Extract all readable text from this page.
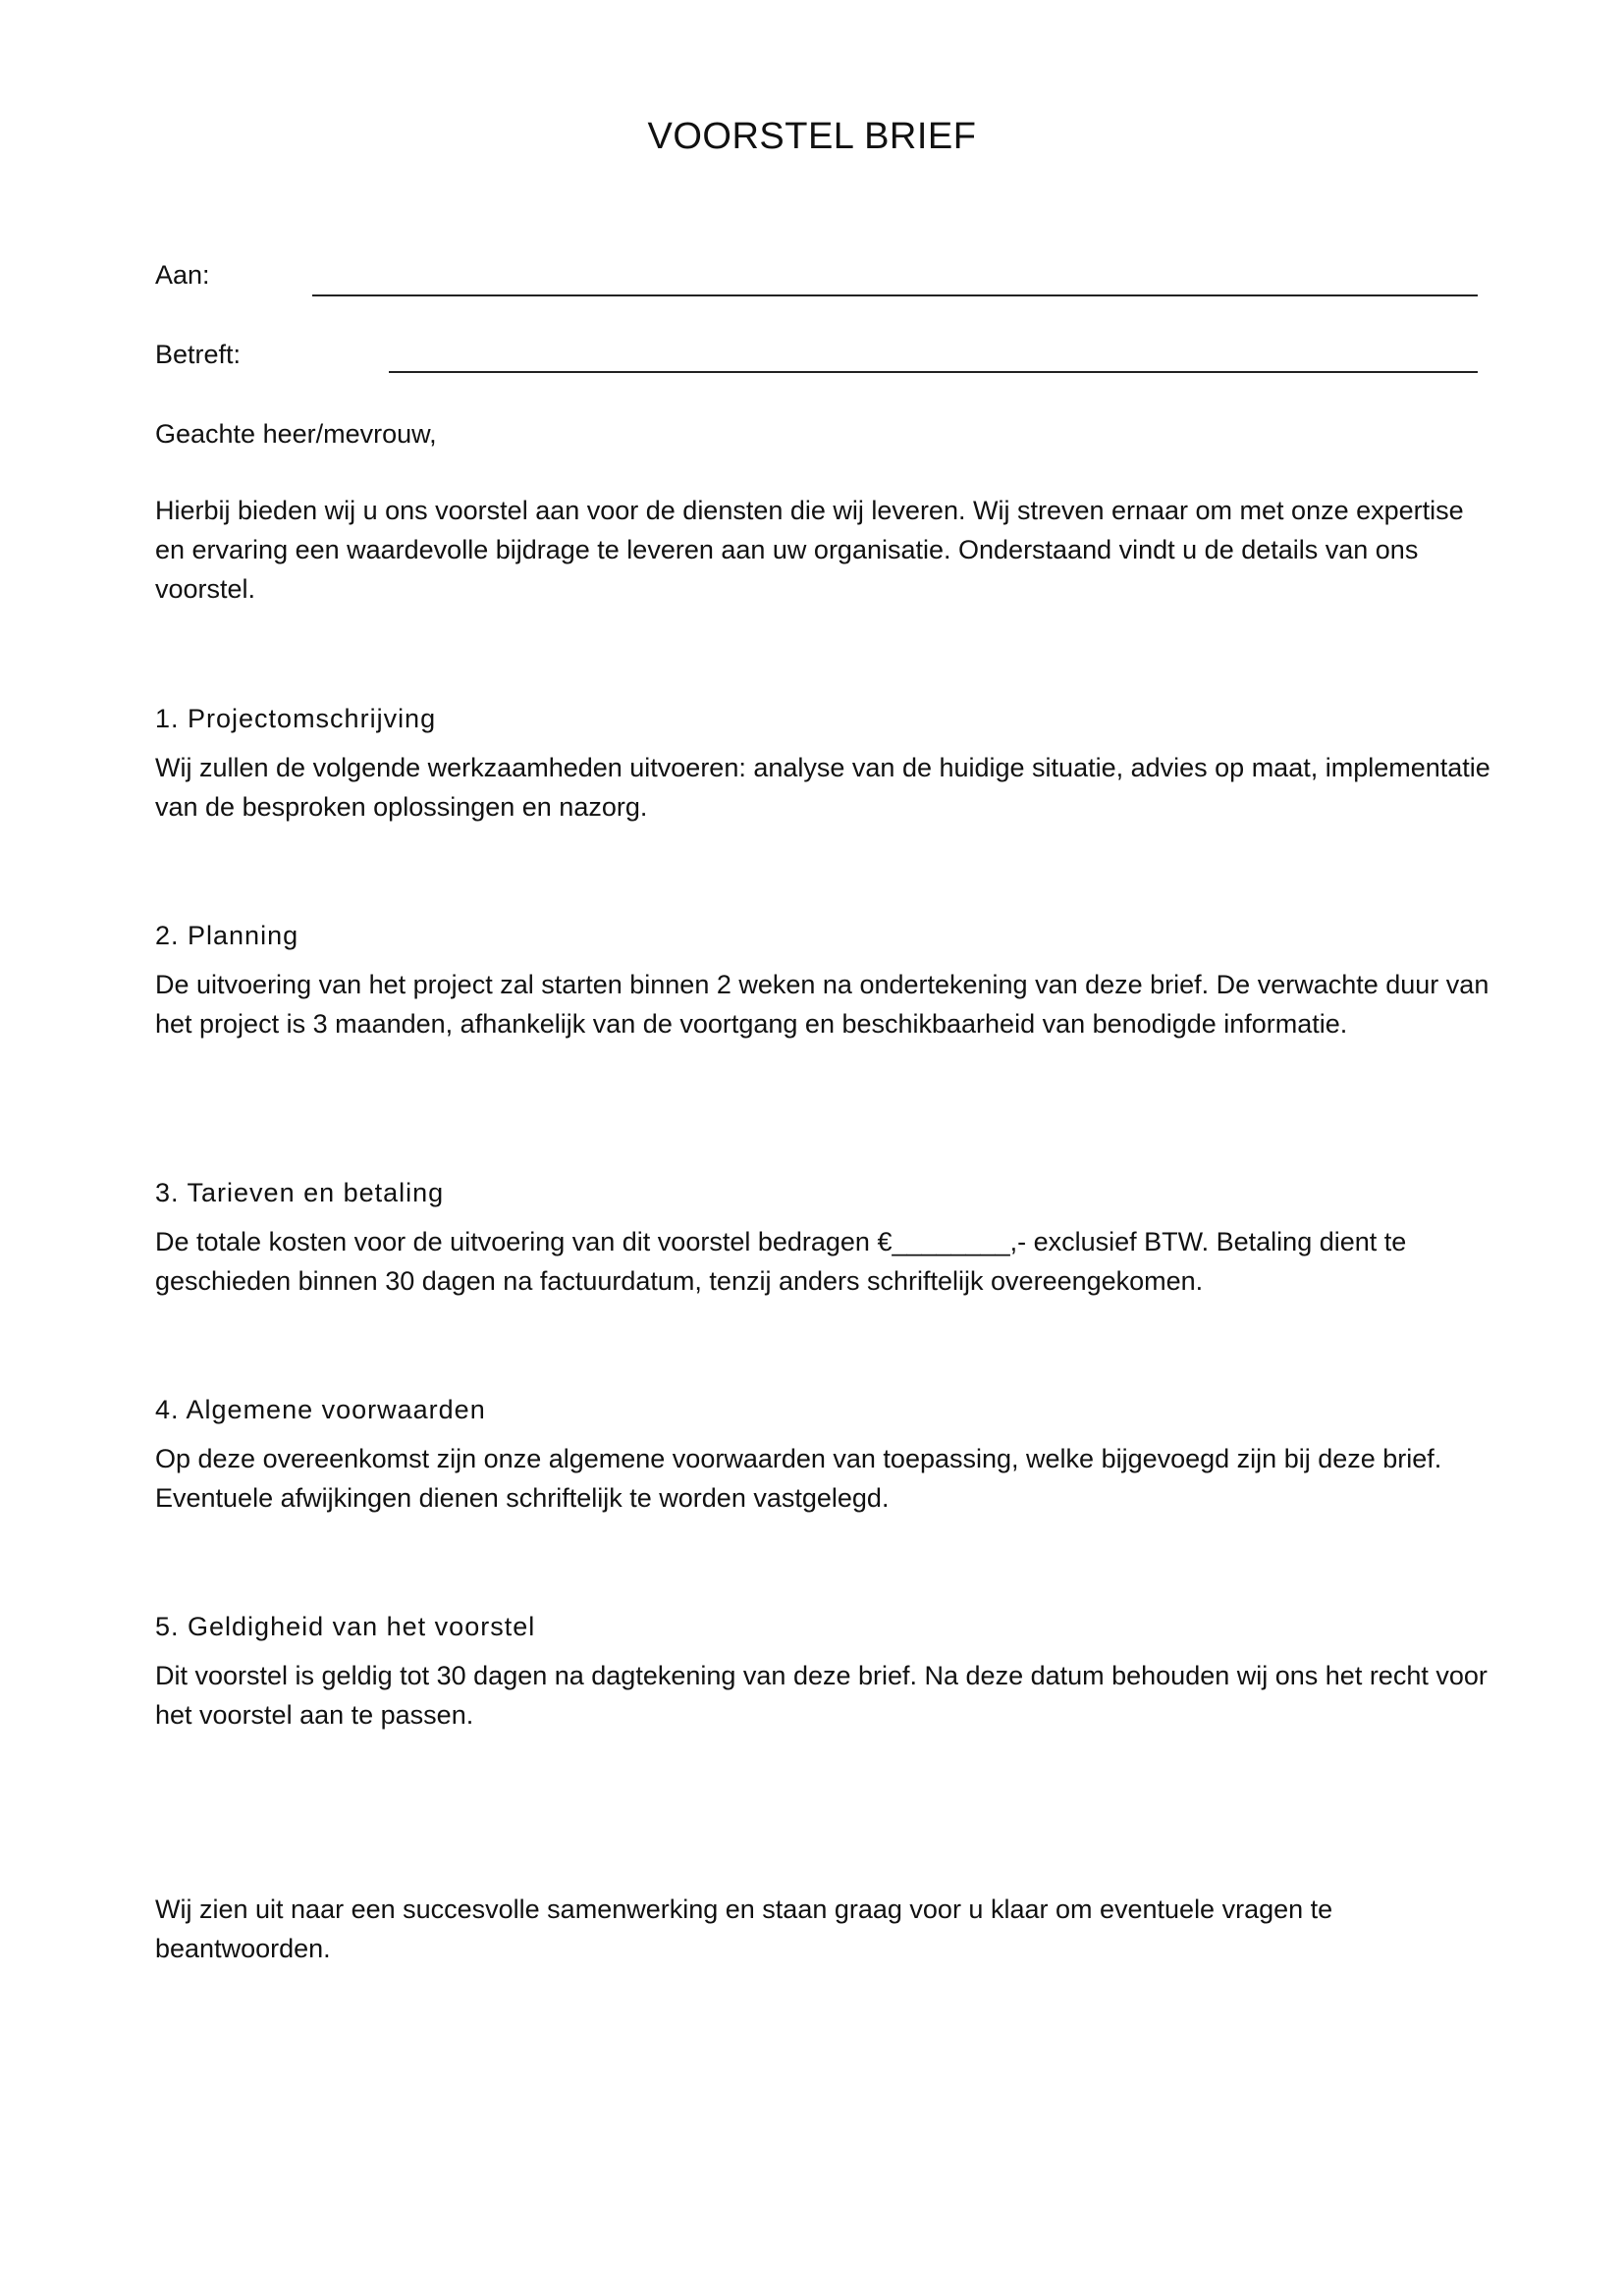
VOORSTEL BRIEF
Aan:
Betreft:

Geachte heer/mevrouw,

Hierbij bieden wij u ons voorstel aan voor de diensten die wij leveren. Wij streven ernaar om met onze expertise en ervaring een waardevolle bijdrage te leveren aan uw organisatie. Onderstaand vindt u de details van ons voorstel.

1. Projectomschrijving

Wij zullen de volgende werkzaamheden uitvoeren: analyse van de huidige situatie, advies op maat, implementatie van de besproken oplossingen en nazorg.

2. Planning

De uitvoering van het project zal starten binnen 2 weken na ondertekening van deze brief. De verwachte duur van het project is 3 maanden, afhankelijk van de voortgang en beschikbaarheid van benodigde informatie.

3. Tarieven en betaling

De totale kosten voor de uitvoering van dit voorstel bedragen €________,- exclusief BTW. Betaling dient te geschieden binnen 30 dagen na factuurdatum, tenzij anders schriftelijk overeengekomen.

4. Algemene voorwaarden

Op deze overeenkomst zijn onze algemene voorwaarden van toepassing, welke bijgevoegd zijn bij deze brief. Eventuele afwijkingen dienen schriftelijk te worden vastgelegd.

5. Geldigheid van het voorstel

Dit voorstel is geldig tot 30 dagen na dagtekening van deze brief. Na deze datum behouden wij ons het recht voor het voorstel aan te passen.

Wij zien uit naar een succesvolle samenwerking en staan graag voor u klaar om eventuele vragen te beantwoorden.
